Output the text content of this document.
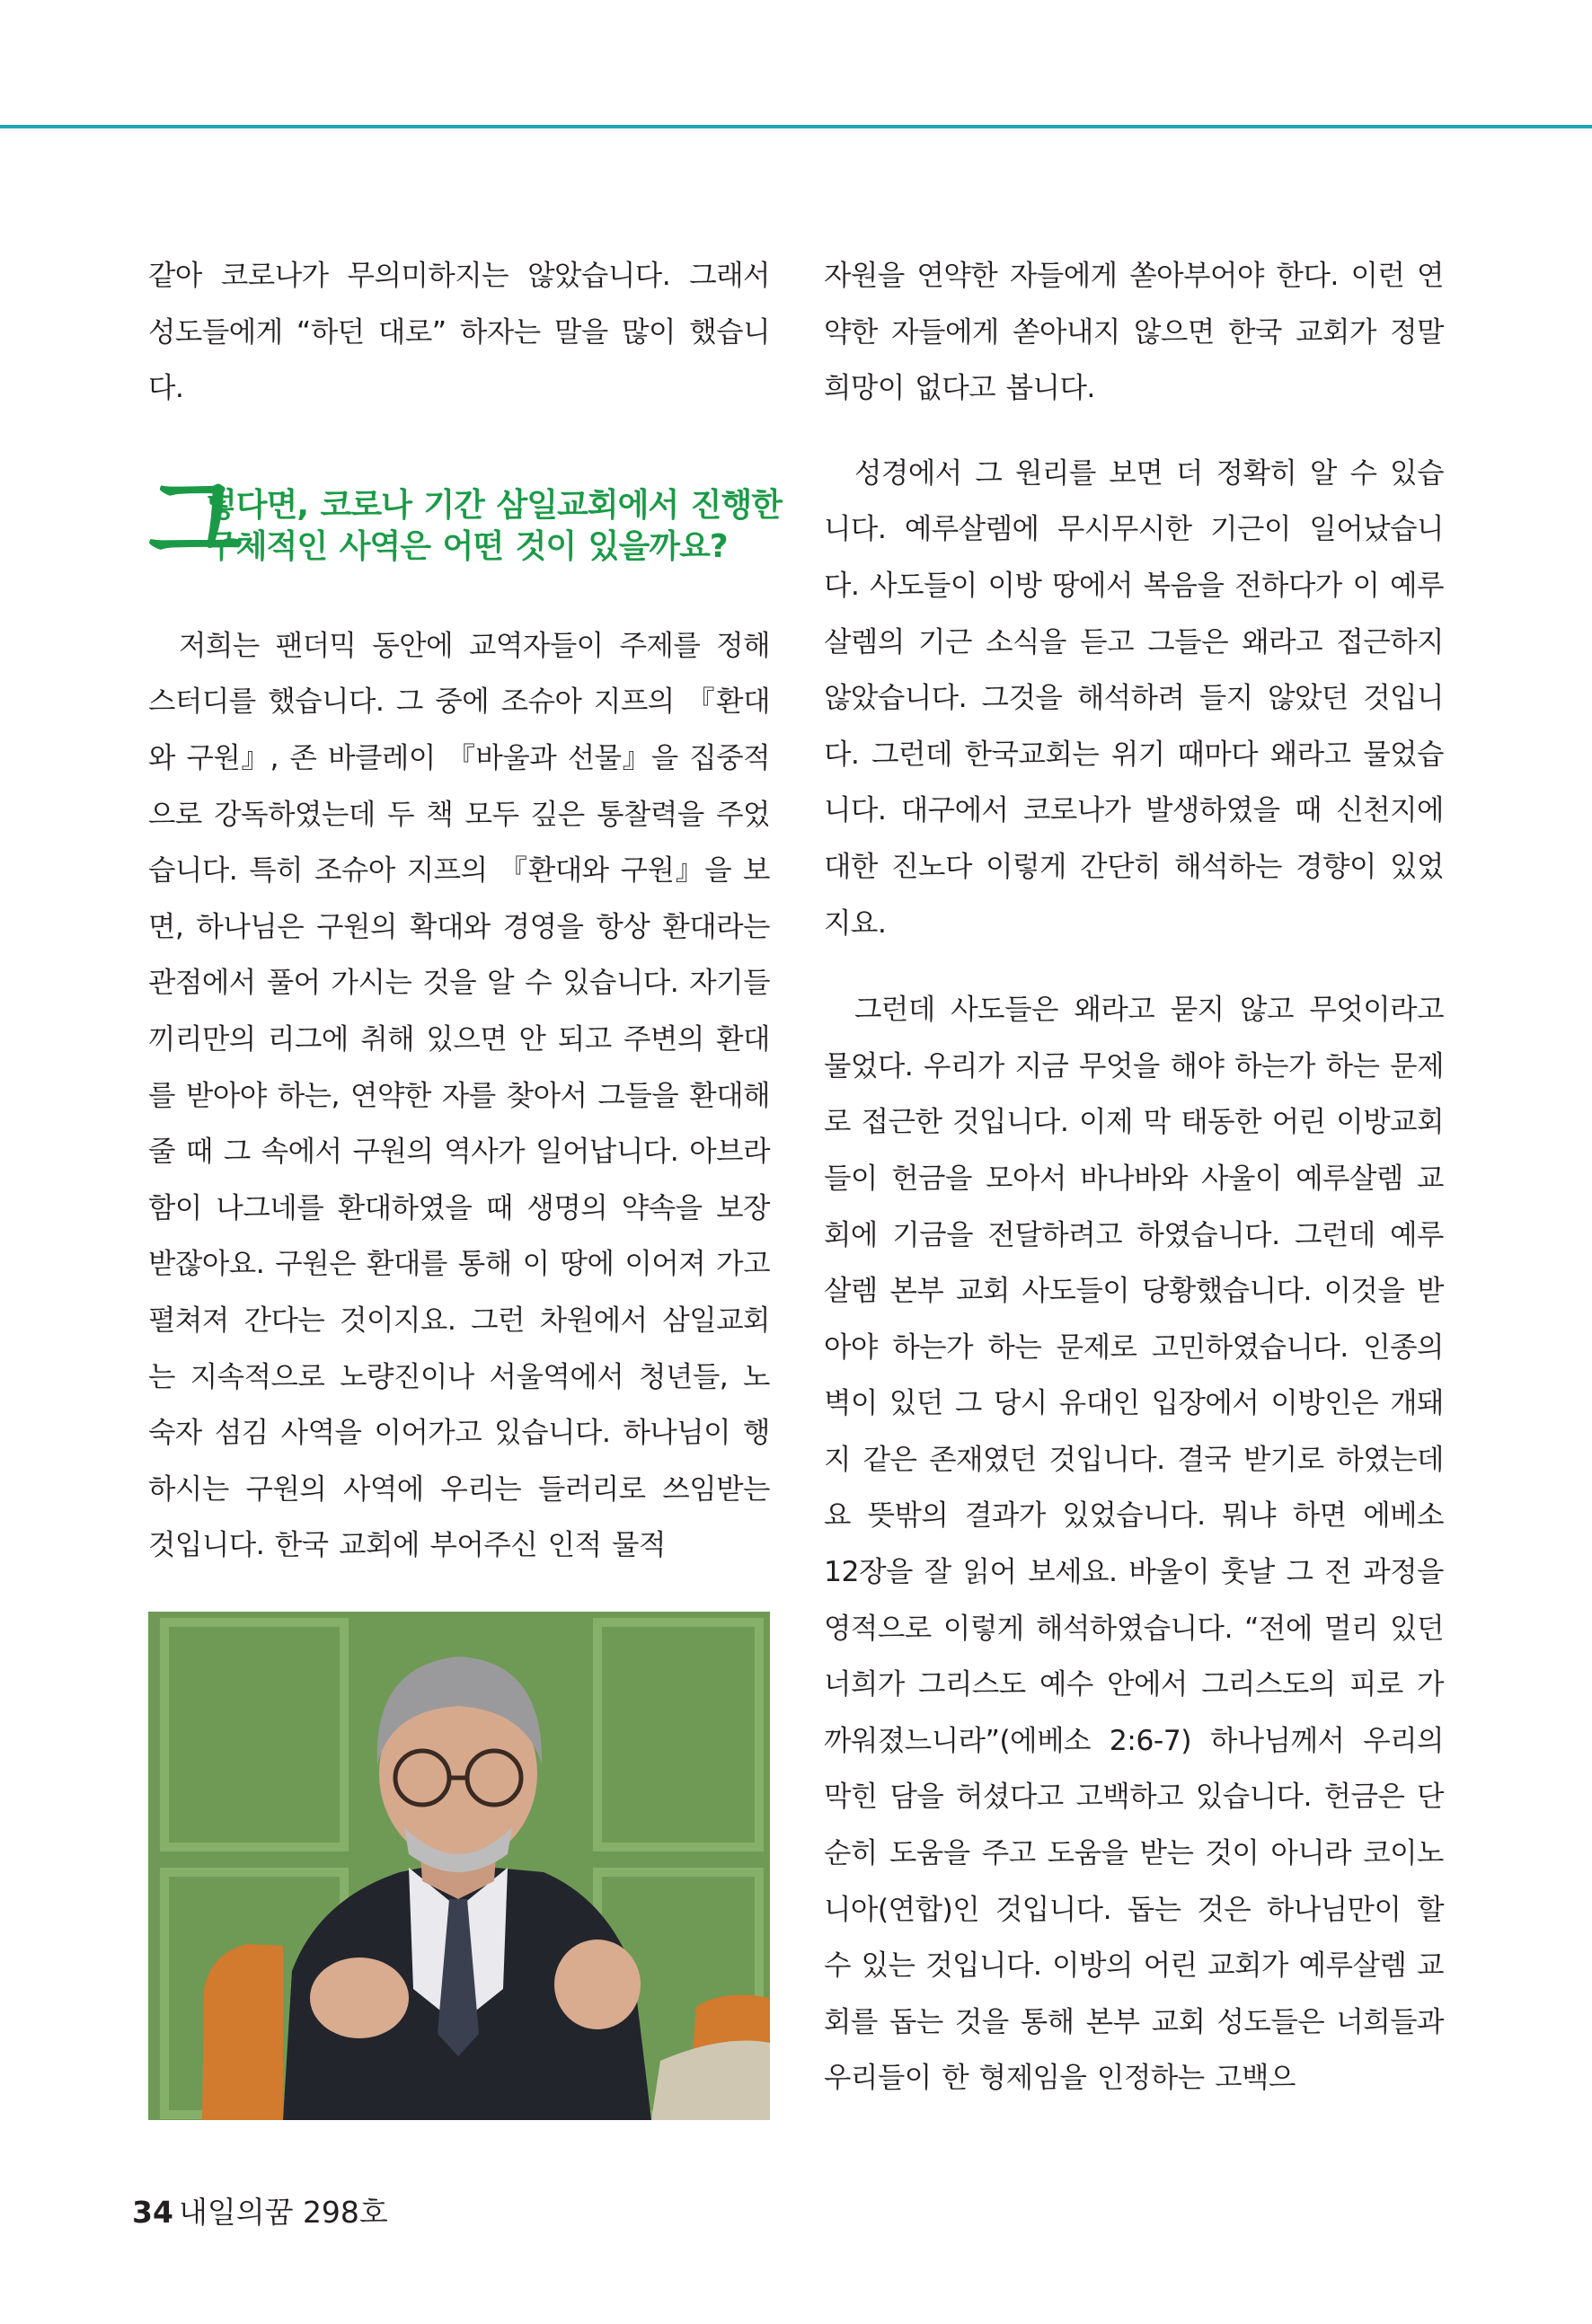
같아 코로나가 무의미하지는 않았습니다. 그래서 성도들에게 “하던 대로” 하자는 말을 많이 했습니다.

그
렇다면, 코로나 기간 삼일교회에서 진행한
구체적인 사역은 어떤 것이 있을까요?

저희는 팬더믹 동안에 교역자들이 주제를 정해 스터디를 했습니다. 그 중에 조슈아 지프의 『환대와 구원』, 존 바클레이 『바울과 선물』을 집중적으로 강독하였는데 두 책 모두 깊은 통찰력을 주었습니다. 특히 조슈아 지프의 『환대와 구원』을 보면, 하나님은 구원의 확대와 경영을 항상 환대라는 관점에서 풀어 가시는 것을 알 수 있습니다. 자기들끼리만의 리그에 취해 있으면 안 되고 주변의 환대를 받아야 하는, 연약한 자를 찾아서 그들을 환대해 줄 때 그 속에서 구원의 역사가 일어납니다. 아브라함이 나그네를 환대하였을 때 생명의 약속을 보장받잖아요. 구원은 환대를 통해 이 땅에 이어져 가고 펼쳐져 간다는 것이지요. 그런 차원에서 삼일교회는 지속적으로 노량진이나 서울역에서 청년들, 노숙자 섬김 사역을 이어가고 있습니다. 하나님이 행하시는 구원의 사역에 우리는 들러리로 쓰임받는 것입니다. 한국 교회에 부어주신 인적 물적

자원을 연약한 자들에게 쏟아부어야 한다. 이런 연약한 자들에게 쏟아내지 않으면 한국 교회가 정말 희망이 없다고 봅니다.

성경에서 그 원리를 보면 더 정확히 알 수 있습니다. 예루살렘에 무시무시한 기근이 일어났습니다. 사도들이 이방 땅에서 복음을 전하다가 이 예루살렘의 기근 소식을 듣고 그들은 왜라고 접근하지 않았습니다. 그것을 해석하려 들지 않았던 것입니다. 그런데 한국교회는 위기 때마다 왜라고 물었습니다. 대구에서 코로나가 발생하였을 때 신천지에 대한 진노다 이렇게 간단히 해석하는 경향이 있었지요.

그런데 사도들은 왜라고 묻지 않고 무엇이라고 물었다. 우리가 지금 무엇을 해야 하는가 하는 문제로 접근한 것입니다. 이제 막 태동한 어린 이방교회들이 헌금을 모아서 바나바와 사울이 예루살렘 교회에 기금을 전달하려고 하였습니다. 그런데 예루살렘 본부 교회 사도들이 당황했습니다. 이것을 받아야 하는가 하는 문제로 고민하였습니다. 인종의 벽이 있던 그 당시 유대인 입장에서 이방인은 개돼지 같은 존재였던 것입니다. 결국 받기로 하였는데요 뜻밖의 결과가 있었습니다. 뭐냐 하면 에베소 12장을 잘 읽어 보세요. 바울이 훗날 그 전 과정을 영적으로 이렇게 해석하였습니다. “전에 멀리 있던 너희가 그리스도 예수 안에서 그리스도의 피로 가까워졌느니라”(에베소 2:6-7) 하나님께서 우리의 막힌 담을 허셨다고 고백하고 있습니다. 헌금은 단순히 도움을 주고 도움을 받는 것이 아니라 코이노니아(연합)인 것입니다. 돕는 것은 하나님만이 할 수 있는 것입니다. 이방의 어린 교회가 예루살렘 교회를 돕는 것을 통해 본부 교회 성도들은 너희들과 우리들이 한 형제임을 인정하는 고백으

34 내일의꿈 298호
